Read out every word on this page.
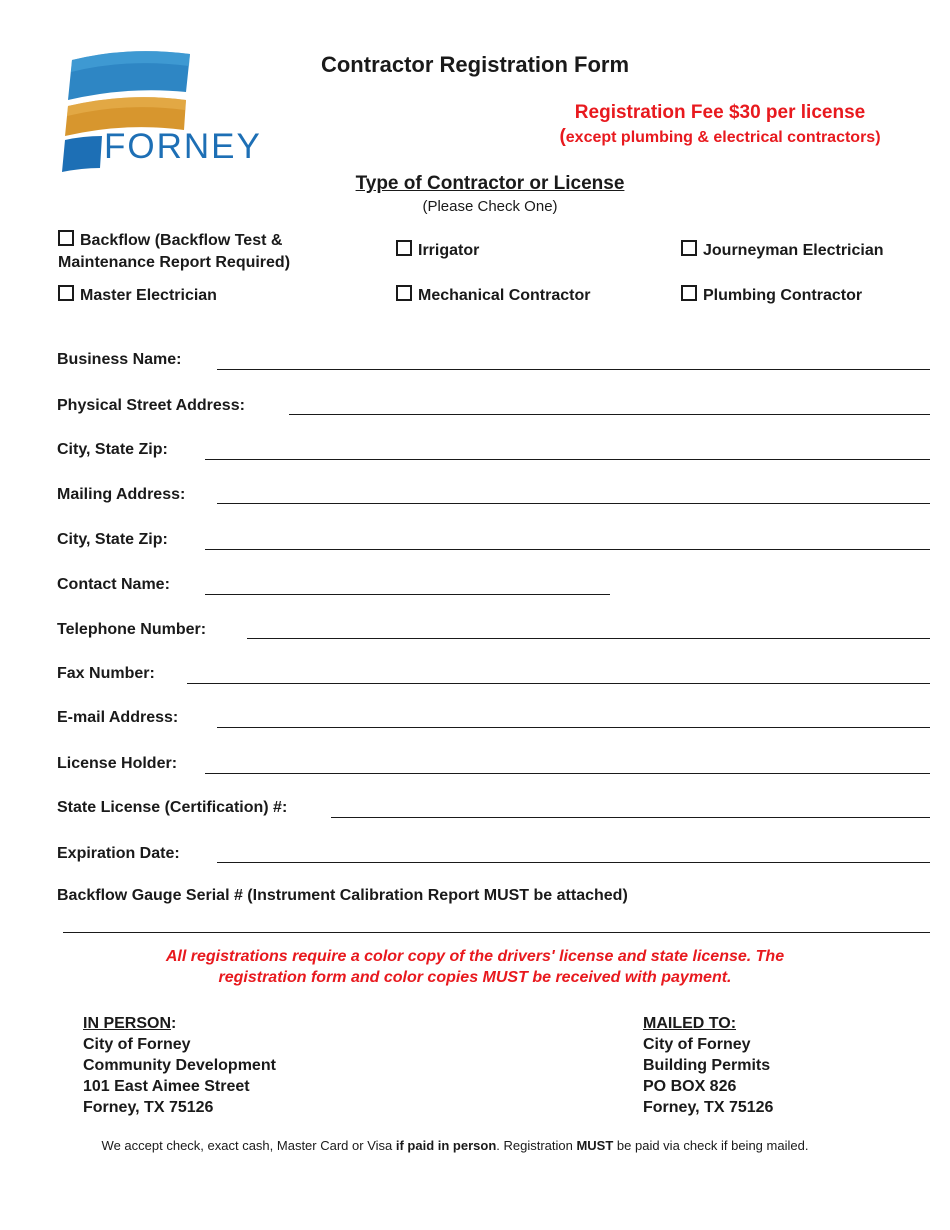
FORNEY
Contractor Registration Form
Registration Fee $30 per license
(except plumbing & electrical contractors)
Type of Contractor or License
(Please Check One)
Backflow (Backflow Test &
Maintenance Report Required)
Irrigator	Journeyman Electrician
Master Electrician	Mechanical Contractor	Plumbing Contractor
Business Name:
Physical Street Address:
City, State Zip:
Mailing Address:
City, State Zip:
Contact Name:
Telephone Number:
Fax Number:
E-mail Address:
License Holder:
State License (Certification) #:
Expiration Date:
Backflow Gauge Serial # (Instrument Calibration Report MUST be attached)
All registrations require a color copy of the drivers' license and state license. The
registration form and color copies MUST be received with payment.
IN PERSON:
City of Forney
Community Development
101 East Aimee Street
Forney, TX 75126
MAILED TO:
City of Forney
Building Permits
PO BOX 826
Forney, TX 75126
We accept check, exact cash, Master Card or Visa if paid in person. Registration MUST be paid via check if being mailed.
